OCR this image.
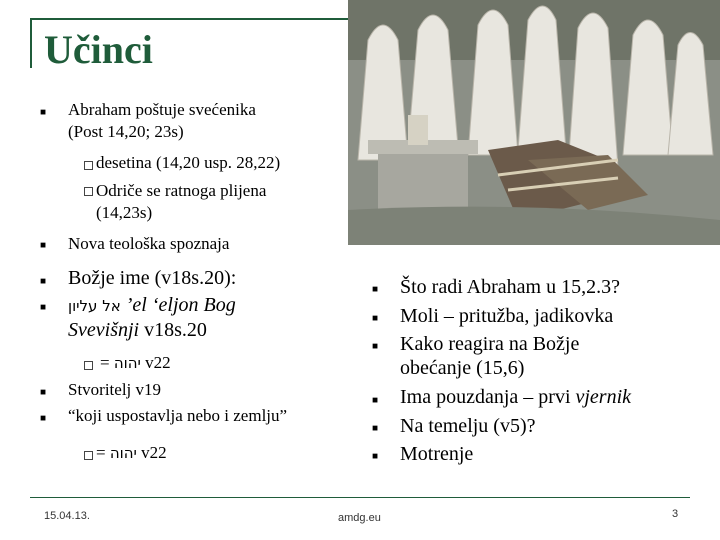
Učinci
■ Abraham poštuje svećenika
(Post 14,20; 23s)
desetina (14,20 usp. 28,22)
Odriče se ratnoga plijena
(14,23s)
■ Nova teološka spoznaja
■ Božje ime (v18s.20):
■ אל עליון ’el ‘eljon Bog
Svevišnji v18s.20
= יהוה v22
■ Stvoritelj v19
■ “koji uspostavlja nebo i zemlju”
= יהוה v22
■ Što radi Abraham u 15,2.3?
■ Moli – pritužba, jadikovka
■ Kako reagira na Božje
obećanje (15,6)
■ Ima pouzdanja – prvi vjernik
■ Na temelju (v5)?
■ Motrenje
15.04.13.	amdg.eu	3
